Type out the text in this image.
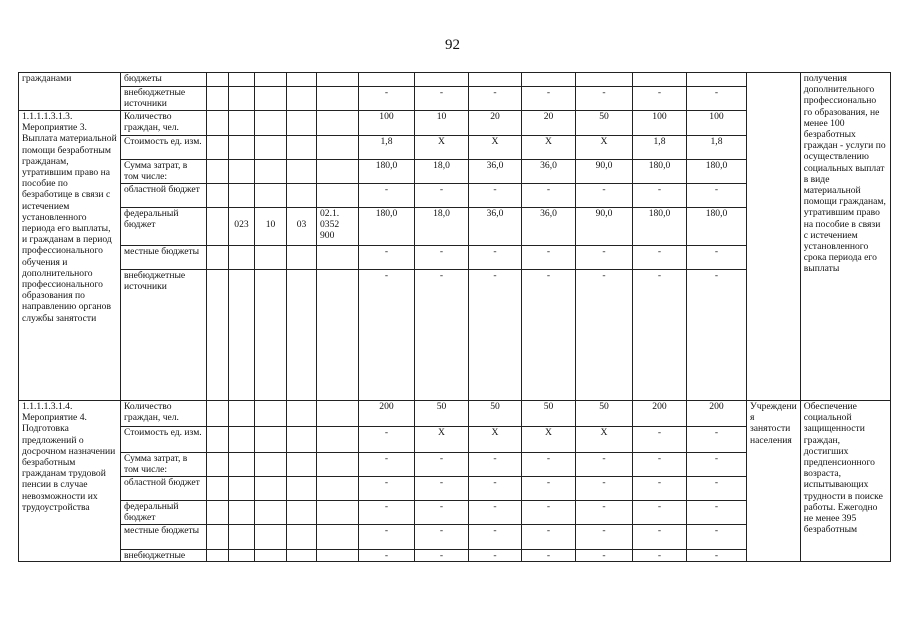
92
гражданами	бюджеты														получения дополнительного профессионально го образования, не менее 100 безработных граждан - услуги по осуществлению социальных выплат в виде материальной помощи гражданам, утратившим право на пособие в связи с истечением установленного срока периода его выплаты
	внебюджетные источники						-	-	-	-	-	-	-		
1.1.1.1.3.1.3. Мероприятие 3. Выплата материальной помощи безработным гражданам, утратившим право на пособие по безработице в связи с истечением установленного периода его выплаты, и гражданам в период профессионального обучения и дополнительного профессионального образования по направлению органов службы занятости	Количество граждан, чел.						100	10	20	20	50	100	100		
	Стоимость ед. изм.						1,8	X	X	X	X	1,8	1,8		
	Сумма затрат, в том числе:						180,0	18,0	36,0	36,0	90,0	180,0	180,0		
	областной бюджет						-	-	-	-	-	-	-		
	федеральный бюджет		023	10	03	02.1. 0352 900	180,0	18,0	36,0	36,0	90,0	180,0	180,0		
	местные бюджеты						-	-	-	-	-	-	-		
	внебюджетные источники						-	-	-	-	-	-	-		
1.1.1.1.3.1.4. Мероприятие 4. Подготовка предложений о досрочном назначении безработным гражданам трудовой пенсии в случае невозможности их трудоустройства	Количество граждан, чел.						200	50	50	50	50	200	200	Учреждени я занятости населения	Обеспечение социальной защищенности граждан, достигших предпенсионного возраста, испытывающих трудности в поиске работы. Ежегодно не менее 395 безработным
	Стоимость ед. изм.						-	X	X	X	X	-	-		
	Сумма затрат, в том числе:						-	-	-	-	-	-	-		
	областной бюджет						-	-	-	-	-	-	-		
	федеральный бюджет						-	-	-	-	-	-	-		
	местные бюджеты						-	-	-	-	-	-	-		
	внебюджетные						-	-	-	-	-	-	-		
